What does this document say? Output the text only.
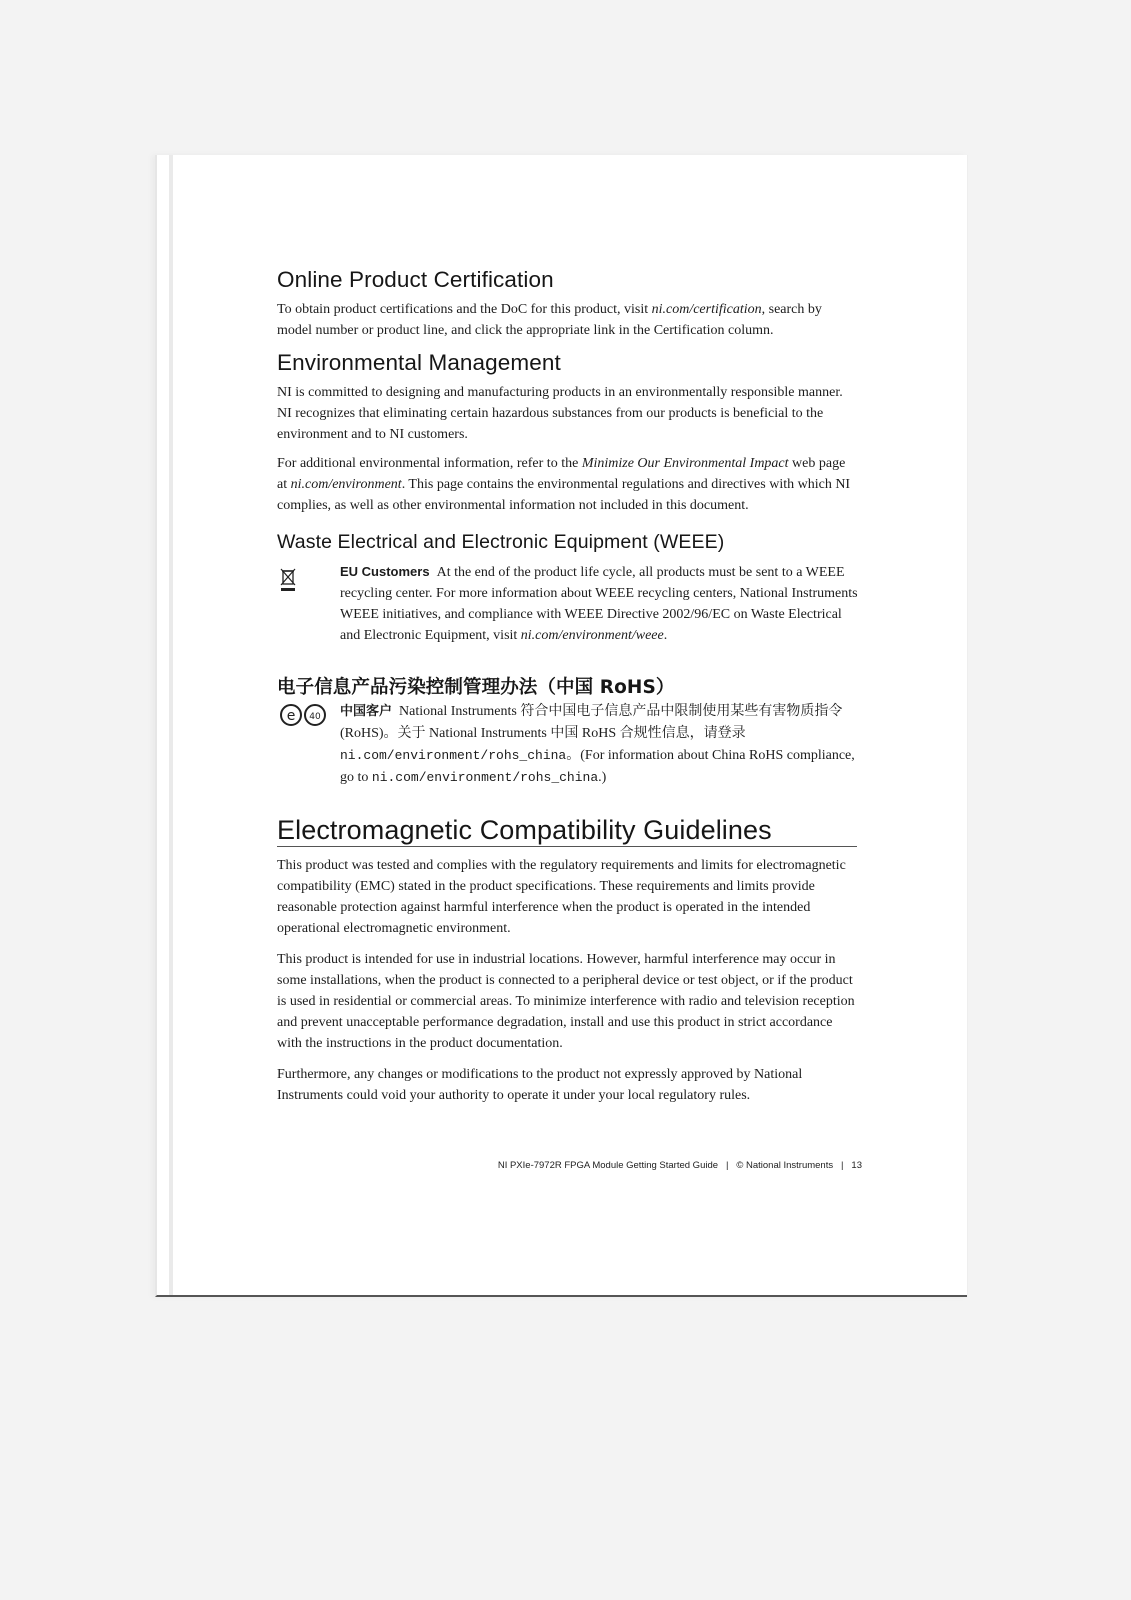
Online Product Certification

To obtain product certifications and the DoC for this product, visit ni.com/certification, search by model number or product line, and click the appropriate link in the Certification column.

Environmental Management

NI is committed to designing and manufacturing products in an environmentally responsible manner. NI recognizes that eliminating certain hazardous substances from our products is beneficial to the environment and to NI customers.

For additional environmental information, refer to the Minimize Our Environmental Impact web page at ni.com/environment. This page contains the environmental regulations and directives with which NI complies, as well as other environmental information not included in this document.

Waste Electrical and Electronic Equipment (WEEE)

EU Customers At the end of the product life cycle, all products must be sent to a WEEE recycling center. For more information about WEEE recycling centers, National Instruments WEEE initiatives, and compliance with WEEE Directive 2002/96/EC on Waste Electrical and Electronic Equipment, visit ni.com/environment/weee.

电子信息产品污染控制管理办法（中国 RoHS）
e 40 中国客户 National Instruments 符合中国电子信息产品中限制使用某些有害物质指令(RoHS)。关于 National Instruments 中国 RoHS 合规性信息，请登录 ni.com/environment/rohs_china。(For information about China RoHS compliance, go to ni.com/environment/rohs_china.)

Electromagnetic Compatibility Guidelines

This product was tested and complies with the regulatory requirements and limits for electromagnetic compatibility (EMC) stated in the product specifications. These requirements and limits provide reasonable protection against harmful interference when the product is operated in the intended operational electromagnetic environment.

This product is intended for use in industrial locations. However, harmful interference may occur in some installations, when the product is connected to a peripheral device or test object, or if the product is used in residential or commercial areas. To minimize interference with radio and television reception and prevent unacceptable performance degradation, install and use this product in strict accordance with the instructions in the product documentation.

Furthermore, any changes or modifications to the product not expressly approved by National Instruments could void your authority to operate it under your local regulatory rules.

NI PXIe-7972R FPGA Module Getting Started Guide | © National Instruments | 13
